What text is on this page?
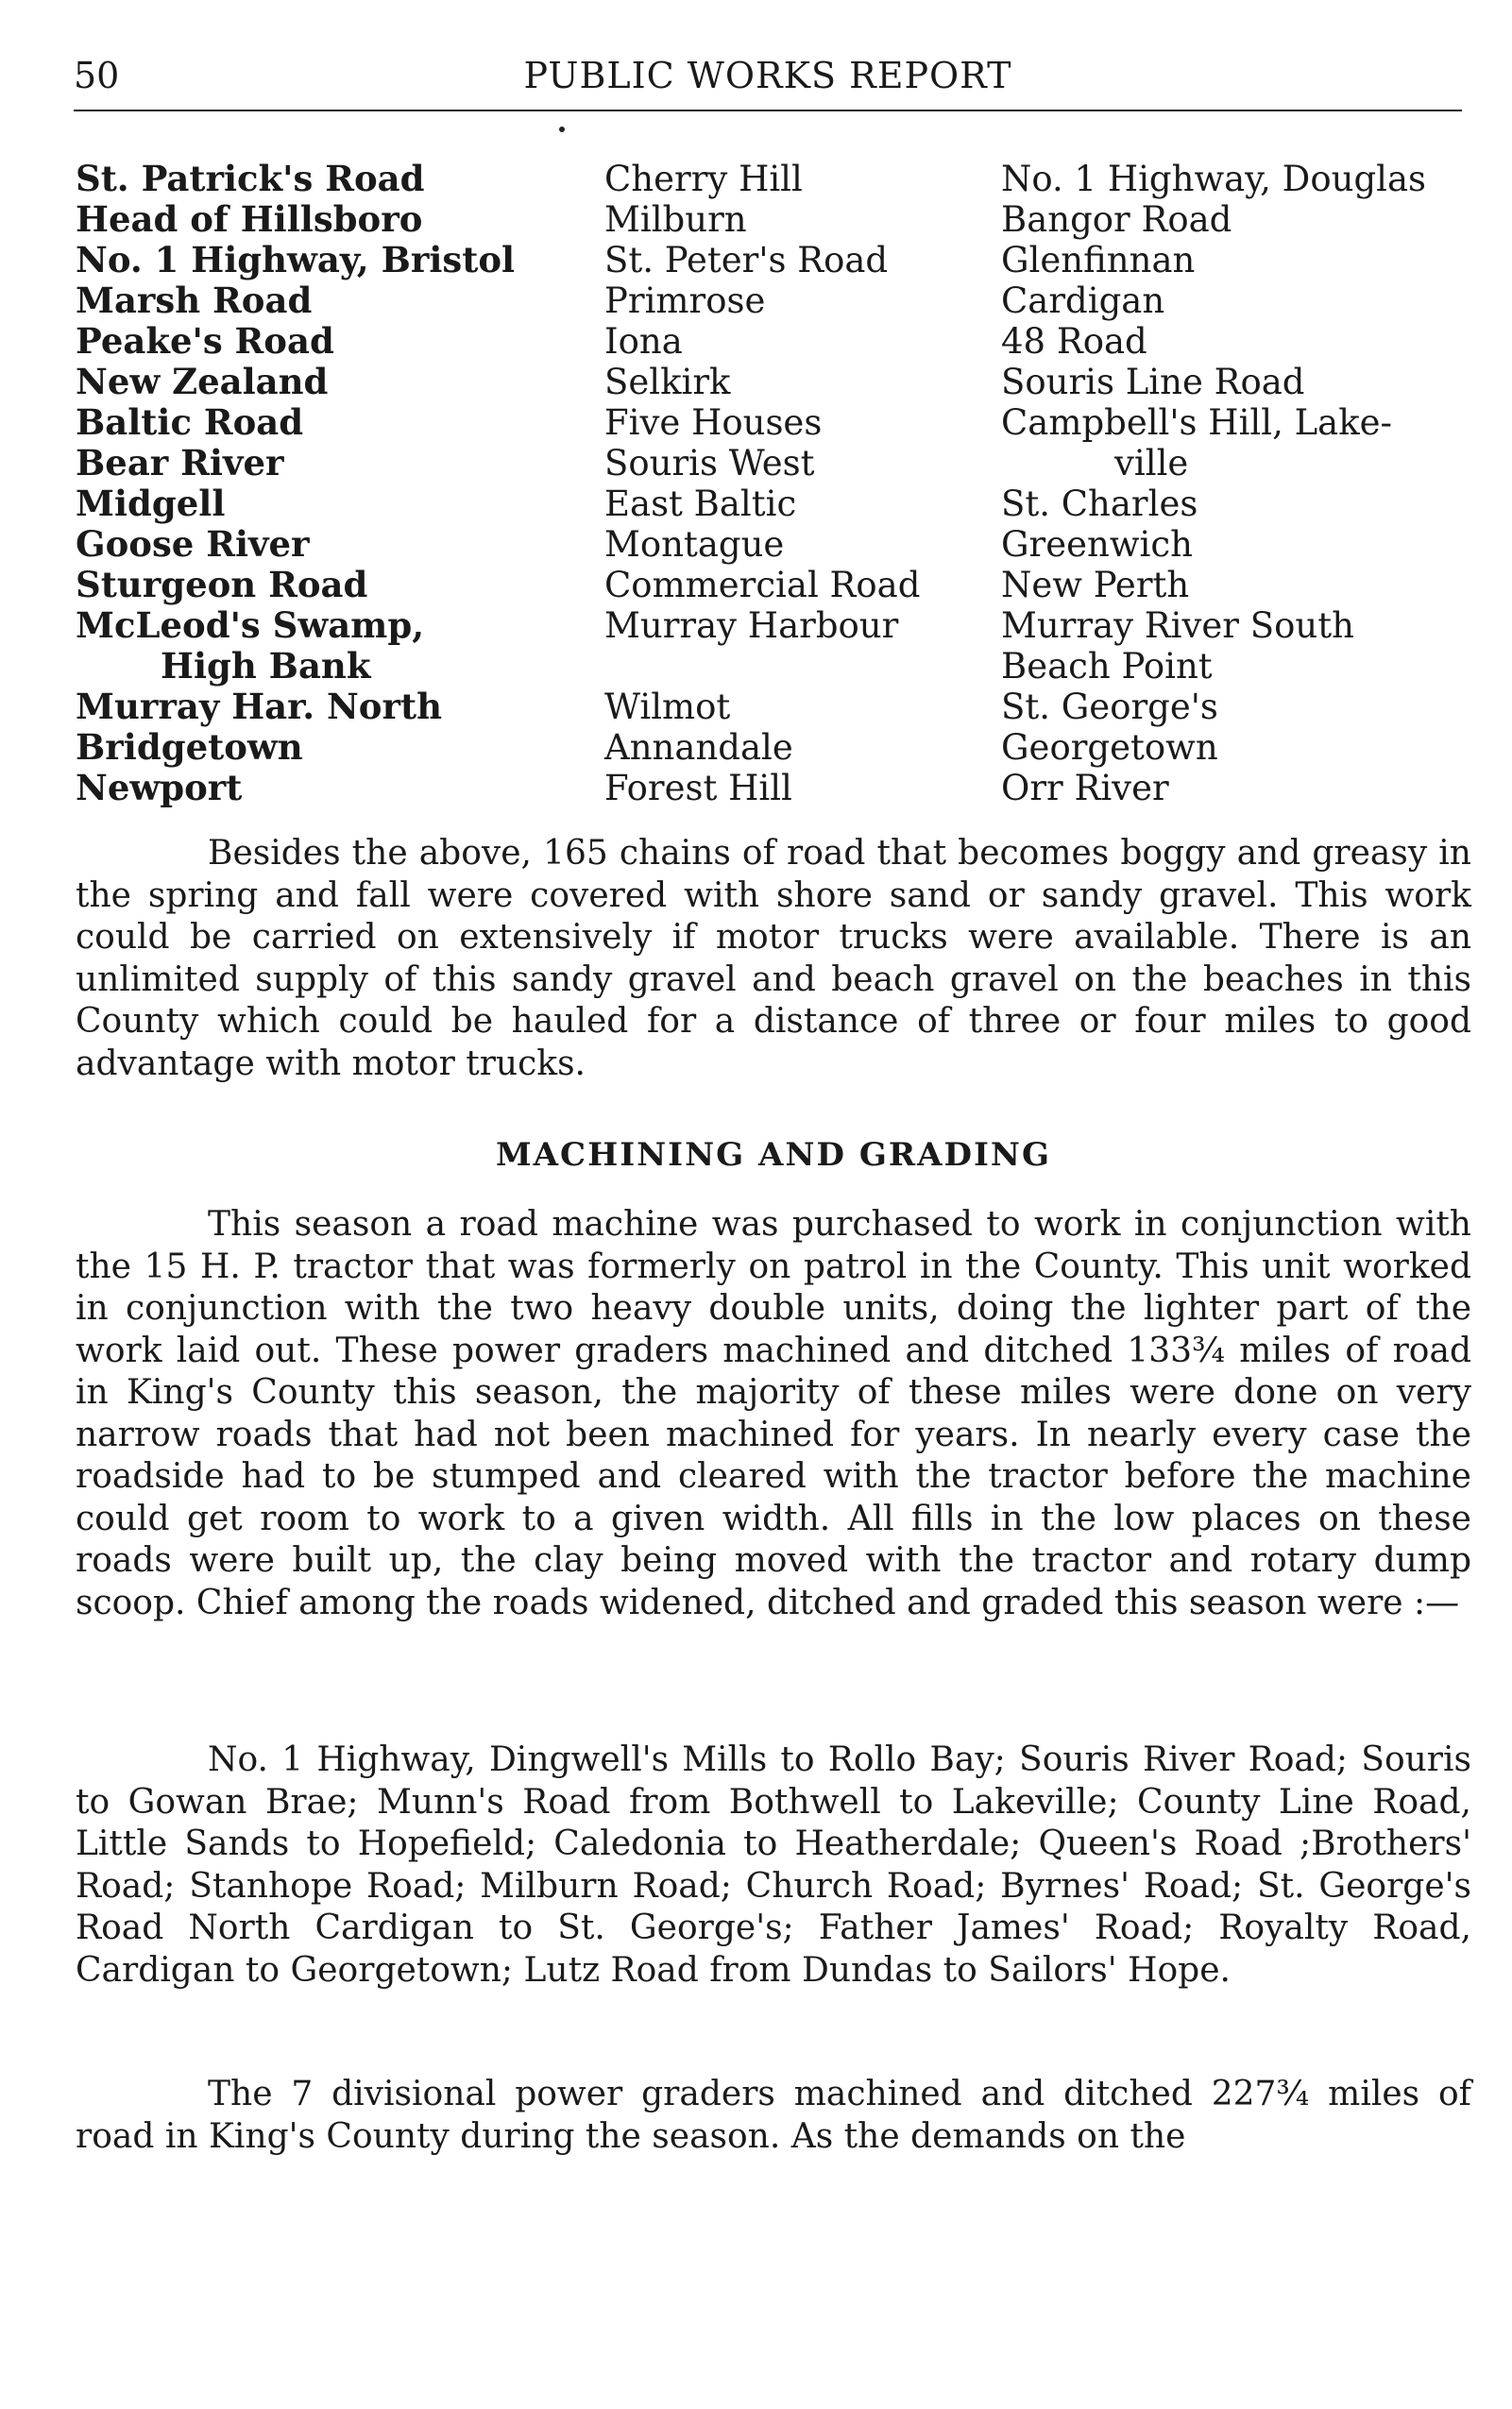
50	PUBLIC WORKS REPORT
St. Patrick's Road
Head of Hillsboro
No. 1 Highway, Bristol
Marsh Road
Peake's Road
New Zealand
Baltic Road
Bear River
Midgell
Goose River
Sturgeon Road
McLeod's Swamp,
High Bank
Murray Har. North
Bridgetown
Newport
Cherry Hill
Milburn
St. Peter's Road
Primrose
Iona
Selkirk
Five Houses
Souris West
East Baltic
Montague
Commercial Road
Murray Harbour
Wilmot
Annandale
Forest Hill
No. 1 Highway, Douglas
Bangor Road
Glenfinnan
Cardigan
48 Road
Souris Line Road
Campbell's Hill, Lake-
ville
St. Charles
Greenwich
New Perth
Murray River South
Beach Point
St. George's
Georgetown
Orr River

Besides the above, 165 chains of road that becomes boggy and greasy in the spring and fall were covered with shore sand or sandy gravel. This work could be carried on extensively if motor trucks were available. There is an unlimited supply of this sandy gravel and beach gravel on the beaches in this County which could be hauled for a distance of three or four miles to good advantage with motor trucks.

MACHINING AND GRADING

This season a road machine was purchased to work in conjunction with the 15 H. P. tractor that was formerly on patrol in the County. This unit worked in conjunction with the two heavy double units, doing the lighter part of the work laid out. These power graders machined and ditched 133¾ miles of road in King's County this season, the majority of these miles were done on very narrow roads that had not been machined for years. In nearly every case the roadside had to be stumped and cleared with the tractor before the machine could get room to work to a given width. All fills in the low places on these roads were built up, the clay being moved with the tractor and rotary dump scoop. Chief among the roads widened, ditched and graded this season were :—

No. 1 Highway, Dingwell's Mills to Rollo Bay; Souris River Road; Souris to Gowan Brae; Munn's Road from Bothwell to Lakeville; County Line Road, Little Sands to Hopefield; Caledonia to Heatherdale; Queen's Road ;Brothers' Road; Stanhope Road; Milburn Road; Church Road; Byrnes' Road; St. George's Road North Cardigan to St. George's; Father James' Road; Royalty Road, Cardigan to Georgetown; Lutz Road from Dundas to Sailors' Hope.

The 7 divisional power graders machined and ditched 227¾ miles of road in King's County during the season. As the demands on the
